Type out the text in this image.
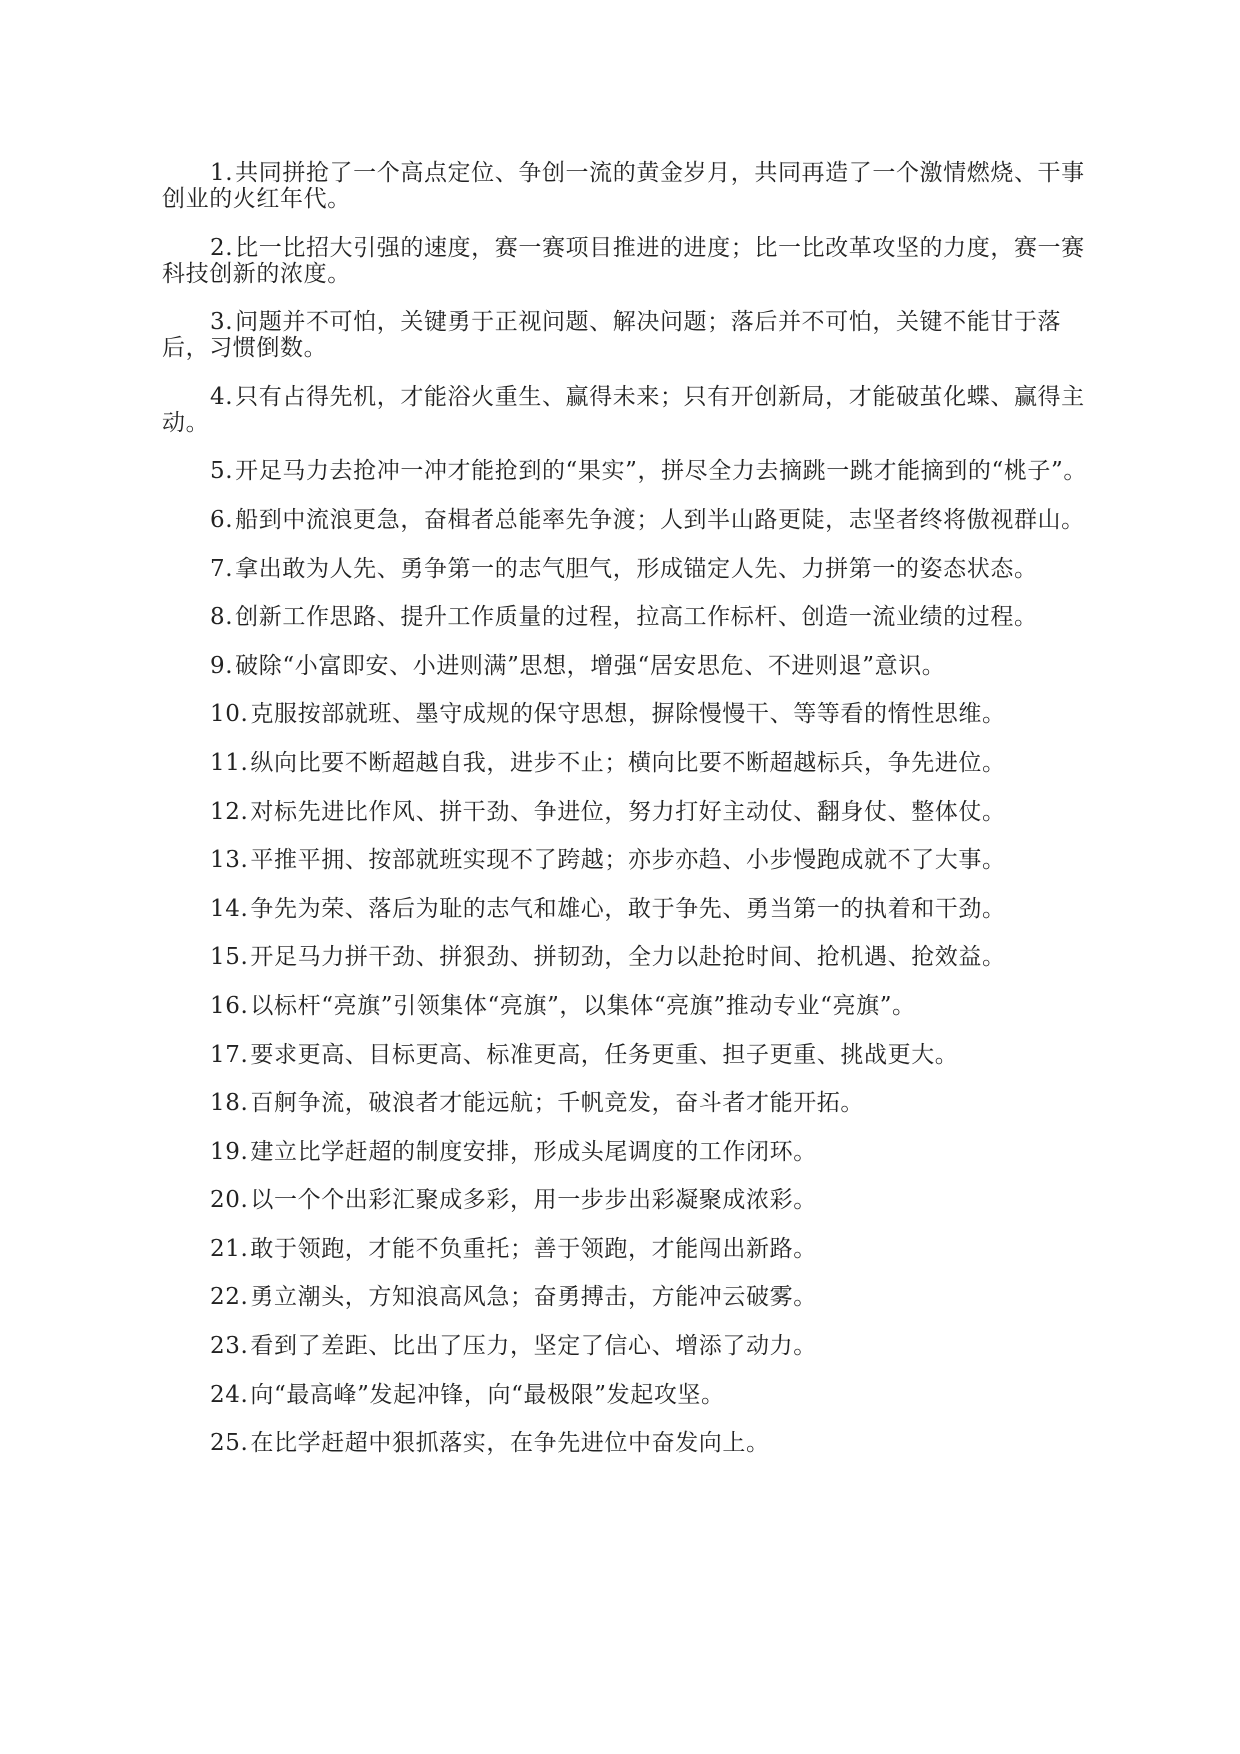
1.共同拼抢了一个高点定位、争创一流的黄金岁月，共同再造了一个激情燃烧、干事创业的火红年代。

2.比一比招大引强的速度，赛一赛项目推进的进度；比一比改革攻坚的力度，赛一赛科技创新的浓度。

3.问题并不可怕，关键勇于正视问题、解决问题；落后并不可怕，关键不能甘于落后，习惯倒数。

4.只有占得先机，才能浴火重生、赢得未来；只有开创新局，才能破茧化蝶、赢得主动。

5.开足马力去抢冲一冲才能抢到的“果实”，拼尽全力去摘跳一跳才能摘到的“桃子”。

6.船到中流浪更急，奋楫者总能率先争渡；人到半山路更陡，志坚者终将傲视群山。

7.拿出敢为人先、勇争第一的志气胆气，形成锚定人先、力拼第一的姿态状态。

8.创新工作思路、提升工作质量的过程，拉高工作标杆、创造一流业绩的过程。

9.破除“小富即安、小进则满”思想，增强“居安思危、不进则退”意识。

10.克服按部就班、墨守成规的保守思想，摒除慢慢干、等等看的惰性思维。

11.纵向比要不断超越自我，进步不止；横向比要不断超越标兵，争先进位。

12.对标先进比作风、拼干劲、争进位，努力打好主动仗、翻身仗、整体仗。

13.平推平拥、按部就班实现不了跨越；亦步亦趋、小步慢跑成就不了大事。

14.争先为荣、落后为耻的志气和雄心，敢于争先、勇当第一的执着和干劲。

15.开足马力拼干劲、拼狠劲、拼韧劲，全力以赴抢时间、抢机遇、抢效益。

16.以标杆“亮旗”引领集体“亮旗”，以集体“亮旗”推动专业“亮旗”。

17.要求更高、目标更高、标准更高，任务更重、担子更重、挑战更大。

18.百舸争流，破浪者才能远航；千帆竞发，奋斗者才能开拓。

19.建立比学赶超的制度安排，形成头尾调度的工作闭环。

20.以一个个出彩汇聚成多彩，用一步步出彩凝聚成浓彩。

21.敢于领跑，才能不负重托；善于领跑，才能闯出新路。

22.勇立潮头，方知浪高风急；奋勇搏击，方能冲云破雾。

23.看到了差距、比出了压力，坚定了信心、增添了动力。

24.向“最高峰”发起冲锋，向“最极限”发起攻坚。

25.在比学赶超中狠抓落实，在争先进位中奋发向上。
